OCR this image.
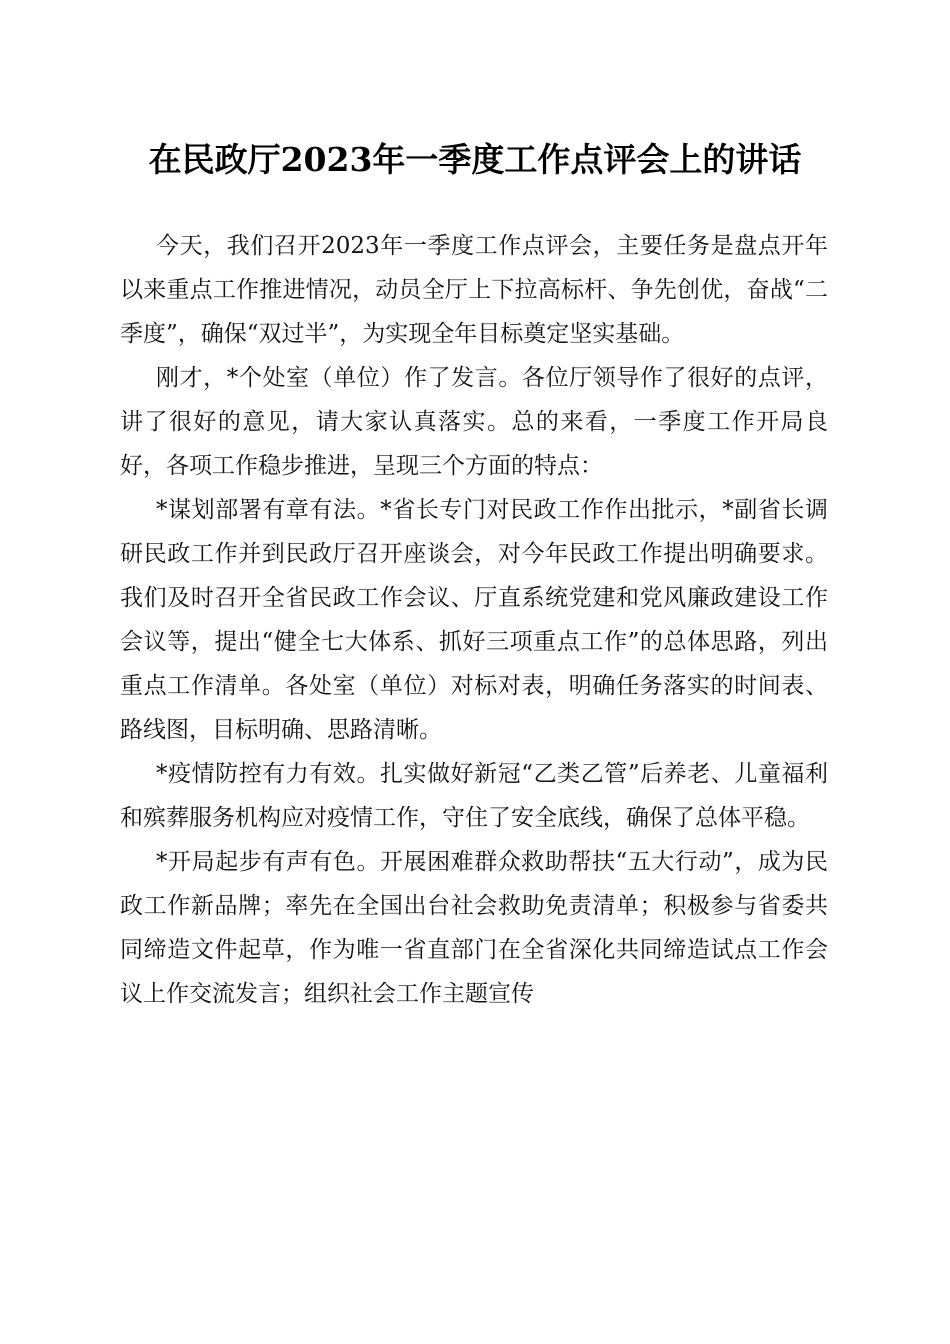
在民政厅2023年一季度工作点评会上的讲话

今天，我们召开2023年一季度工作点评会，主要任务是盘点开年以来重点工作推进情况，动员全厅上下拉高标杆、争先创优，奋战“二季度”，确保“双过半”，为实现全年目标奠定坚实基础。

刚才，*个处室（单位）作了发言。各位厅领导作了很好的点评，讲了很好的意见，请大家认真落实。总的来看，一季度工作开局良好，各项工作稳步推进，呈现三个方面的特点：

*谋划部署有章有法。*省长专门对民政工作作出批示，*副省长调研民政工作并到民政厅召开座谈会，对今年民政工作提出明确要求。我们及时召开全省民政工作会议、厅直系统党建和党风廉政建设工作会议等，提出“健全七大体系、抓好三项重点工作”的总体思路，列出重点工作清单。各处室（单位）对标对表，明确任务落实的时间表、路线图，目标明确、思路清晰。

*疫情防控有力有效。扎实做好新冠“乙类乙管”后养老、儿童福利和殡葬服务机构应对疫情工作，守住了安全底线，确保了总体平稳。

*开局起步有声有色。开展困难群众救助帮扶“五大行动”，成为民政工作新品牌；率先在全国出台社会救助免责清单；积极参与省委共同缔造文件起草，作为唯一省直部门在全省深化共同缔造试点工作会议上作交流发言；组织社会工作主题宣传
